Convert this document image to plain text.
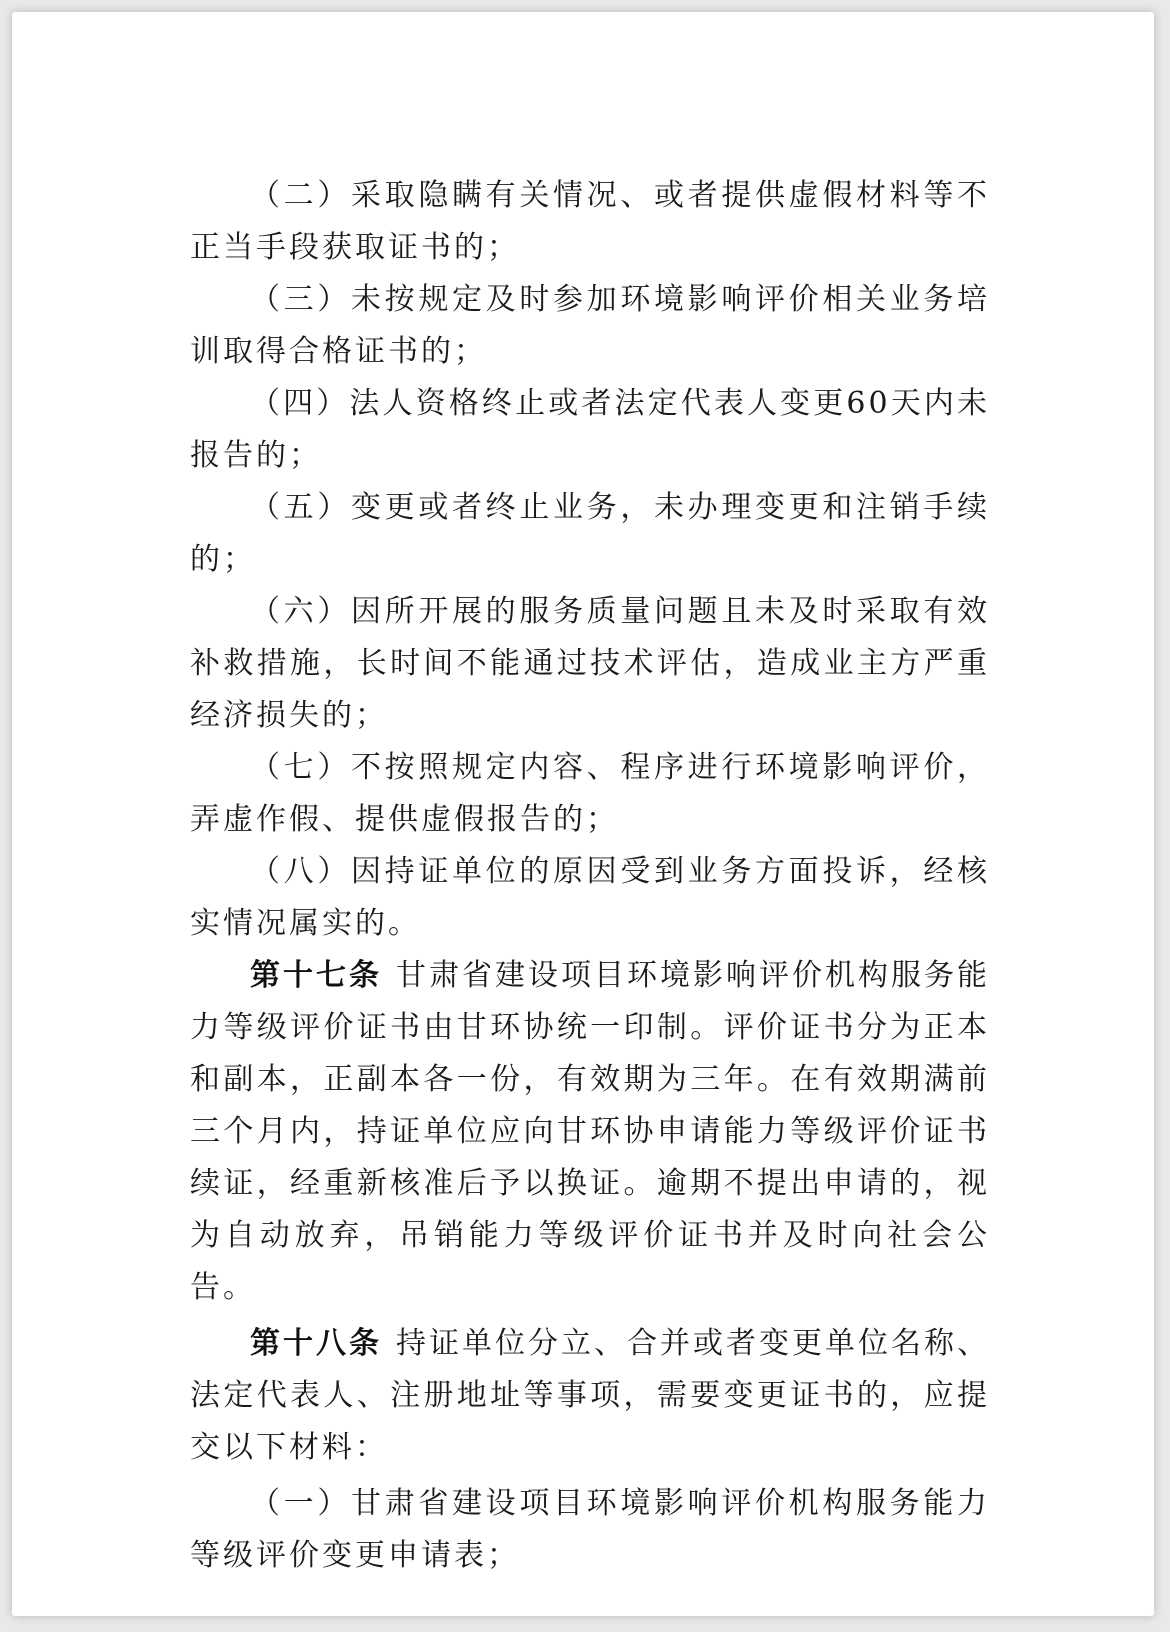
（二）采取隐瞒有关情况、或者提供虚假材料等不正当手段获取证书的；

（三）未按规定及时参加环境影响评价相关业务培训取得合格证书的；

（四）法人资格终止或者法定代表人变更60天内未报告的；

（五）变更或者终止业务，未办理变更和注销手续的；

（六）因所开展的服务质量问题且未及时采取有效补救措施，长时间不能通过技术评估，造成业主方严重经济损失的；

（七）不按照规定内容、程序进行环境影响评价，弄虚作假、提供虚假报告的；

（八）因持证单位的原因受到业务方面投诉，经核实情况属实的。

第十七条 甘肃省建设项目环境影响评价机构服务能力等级评价证书由甘环协统一印制。评价证书分为正本和副本，正副本各一份，有效期为三年。在有效期满前三个月内，持证单位应向甘环协申请能力等级评价证书续证，经重新核准后予以换证。逾期不提出申请的，视为自动放弃，吊销能力等级评价证书并及时向社会公告。

第十八条 持证单位分立、合并或者变更单位名称、法定代表人、注册地址等事项，需要变更证书的，应提交以下材料：

（一）甘肃省建设项目环境影响评价机构服务能力等级评价变更申请表；
